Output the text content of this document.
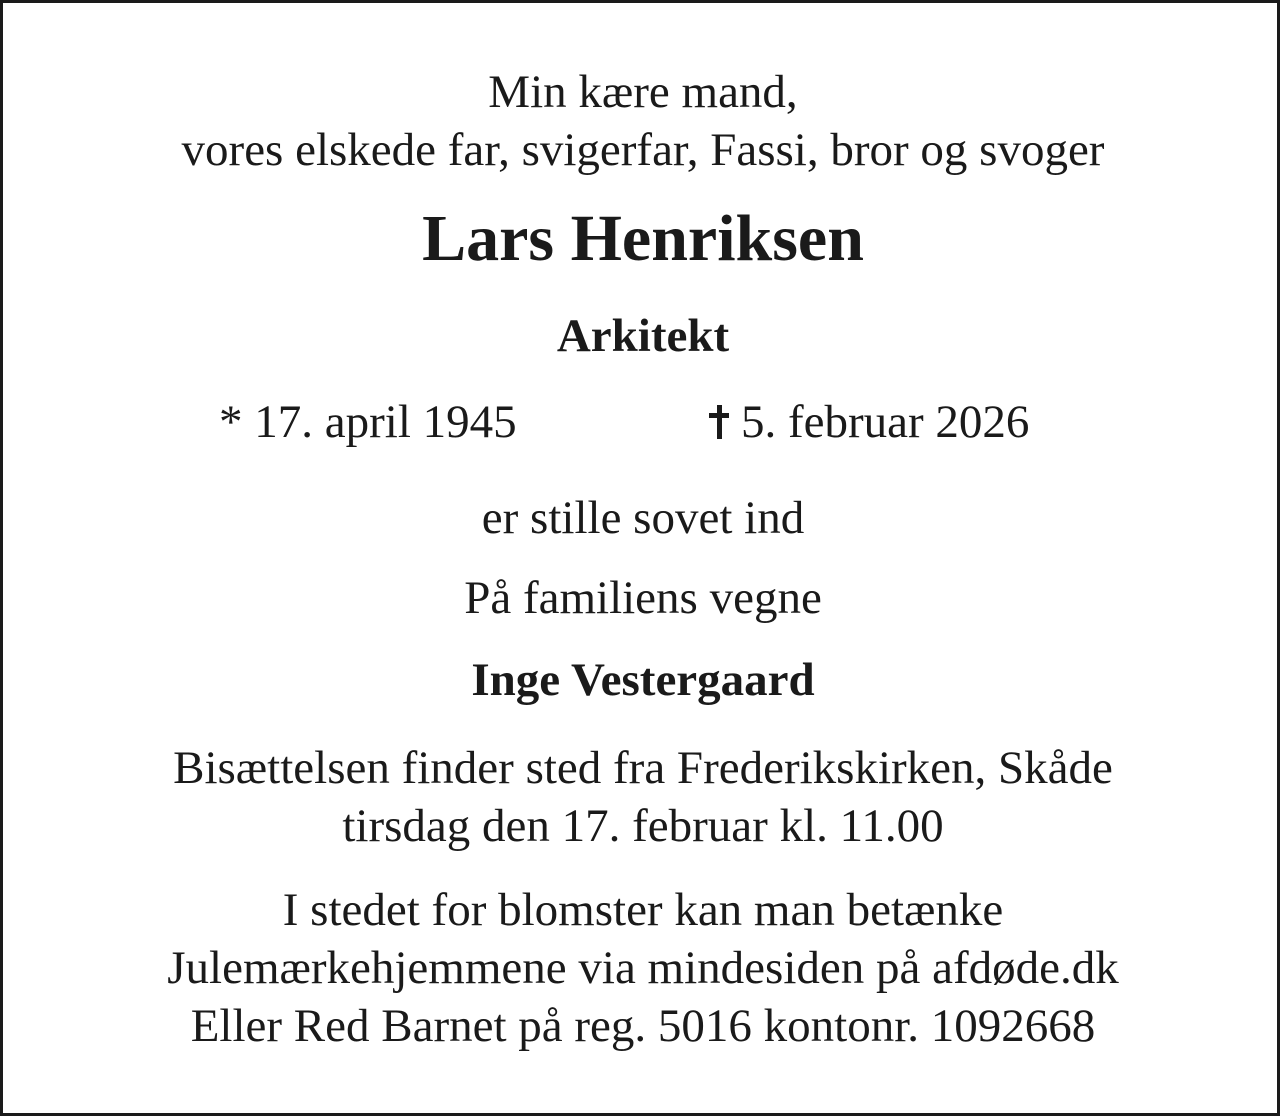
Min kære mand,

vores elskede far, svigerfar, Fassi, bror og svoger

Lars Henriksen

Arkitekt

* 17. april 1945	5. februar 2026

er stille sovet ind

På familiens vegne

Inge Vestergaard

Bisættelsen finder sted fra Frederikskirken, Skåde

tirsdag den 17. februar kl. 11.00

I stedet for blomster kan man betænke

Julemærkehjemmene via mindesiden på afdøde.dk

Eller Red Barnet på reg. 5016 kontonr. 1092668
